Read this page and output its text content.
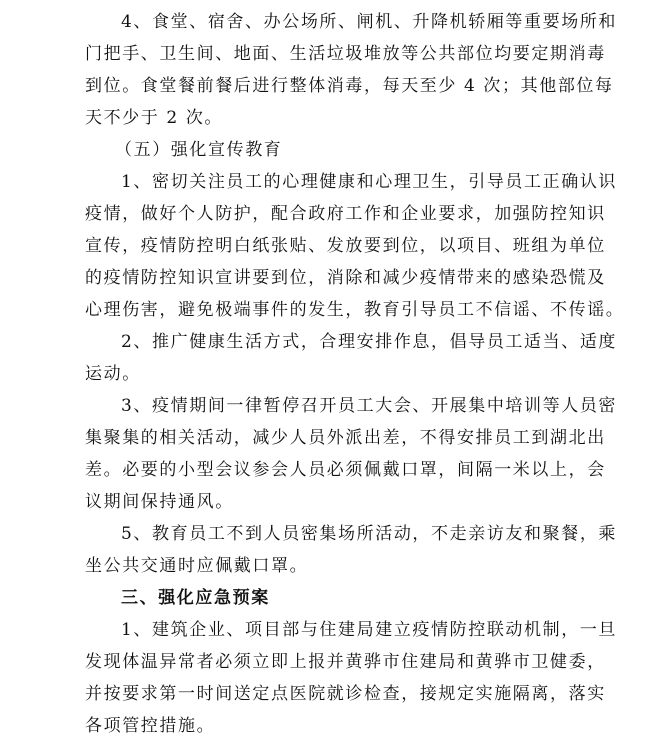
4、食堂、宿舍、办公场所、闸机、升降机轿厢等重要场所和
门把手、卫生间、地面、生活垃圾堆放等公共部位均要定期消毒
到位。食堂餐前餐后进行整体消毒，每天至少 4 次；其他部位每
天不少于 2 次。
（五）强化宣传教育
1、密切关注员工的心理健康和心理卫生，引导员工正确认识
疫情，做好个人防护，配合政府工作和企业要求，加强防控知识
宣传，疫情防控明白纸张贴、发放要到位，以项目、班组为单位
的疫情防控知识宣讲要到位，消除和减少疫情带来的感染恐慌及
心理伤害，避免极端事件的发生，教育引导员工不信谣、不传谣。
2、推广健康生活方式，合理安排作息，倡导员工适当、适度
运动。
3、疫情期间一律暂停召开员工大会、开展集中培训等人员密
集聚集的相关活动，减少人员外派出差，不得安排员工到湖北出
差。必要的小型会议参会人员必须佩戴口罩，间隔一米以上，会
议期间保持通风。
5、教育员工不到人员密集场所活动，不走亲访友和聚餐，乘
坐公共交通时应佩戴口罩。
三、强化应急预案
1、建筑企业、项目部与住建局建立疫情防控联动机制，一旦
发现体温异常者必须立即上报并黄骅市住建局和黄骅市卫健委，
并按要求第一时间送定点医院就诊检查，接规定实施隔离，落实
各项管控措施。
